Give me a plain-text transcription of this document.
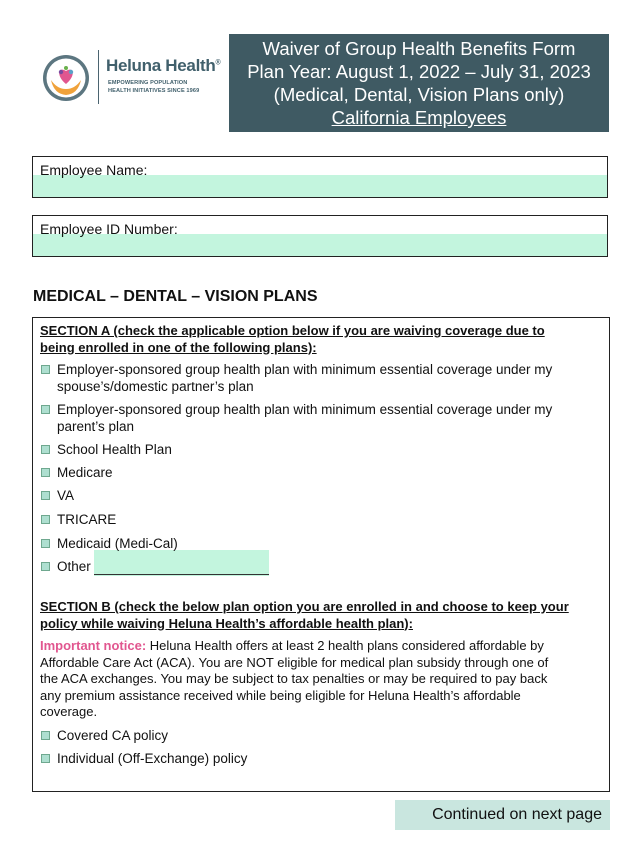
Heluna Health®
EMPOWERING POPULATION
HEALTH INITIATIVES SINCE 1969
Waiver of Group Health Benefits Form
Plan Year: August 1, 2022 – July 31, 2023
(Medical, Dental, Vision Plans only)
California Employees
Employee Name:
Employee ID Number:
MEDICAL – DENTAL – VISION PLANS
SECTION A (check the applicable option below if you are waiving coverage due to
being enrolled in one of the following plans):
Employer-sponsored group health plan with minimum essential coverage under my
spouse’s/domestic partner’s plan
Employer-sponsored group health plan with minimum essential coverage under my
parent’s plan
School Health Plan
Medicare
VA
TRICARE
Medicaid (Medi-Cal)
Other
SECTION B (check the below plan option you are enrolled in and choose to keep your
policy while waiving Heluna Health’s affordable health plan):
Important notice: Heluna Health offers at least 2 health plans considered affordable by
Affordable Care Act (ACA). You are NOT eligible for medical plan subsidy through one of
the ACA exchanges. You may be subject to tax penalties or may be required to pay back
any premium assistance received while being eligible for Heluna Health’s affordable
coverage.
Covered CA policy
Individual (Off-Exchange) policy
Continued on next page
